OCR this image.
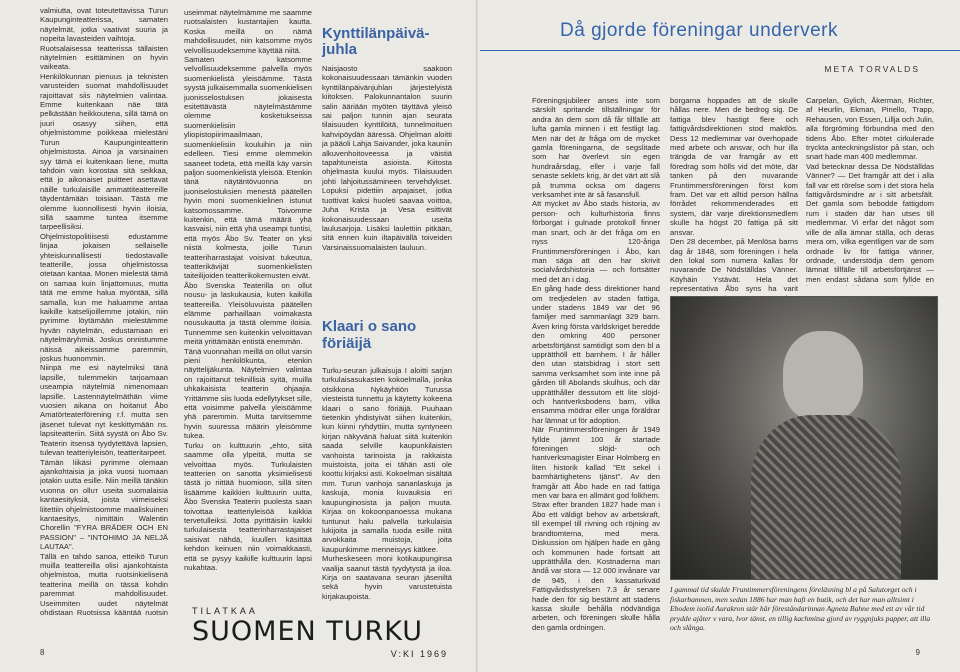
valmiutta, ovat toteutettavissa Turun Kaupunginteatterissa, samaten näytelmät, jotka vaativat suuria ja nopeita lavasteiden vaihtoja.
Ruotsalaisessa teatterissa tällaisten näytelmien esittäminen on hyvin vaikeata.
Henkilökunnan pienuus ja teknisten varusteiden suomat mahdollisuudet rajoittavat siis näytelmien valintaa. Emme kuitenkaan näe tätä pelkästään heikkoutena, sillä tämä on juuri osasyy siihen, että ohjelmistomme poikkeaa mielestäni Turun Kaupunginteatterin ohjelmistosta. Ainoa ja varsinainen syy tämä ei kuitenkaan liene, mutta tahdoin vain korostaa sitä seikkaa, että jo aikonaiset puitteet asettavat näille turkulaisille ammattiteattereille täydentämään toisiaan. Tästä me olemme luonnollisesti hyvin iloisia, sillä saamme tuntea itsemme tarpeellisiksi.
Ohjelmistopolitiisesti edustamme linjaa jokaisen sellaiselle yhteiskunnallisesti tiedostavalle teatterille, jossa ohjelmistossa otetaan kantaa. Monen mielestä tämä on samaa kuin linjattomuus, mutta tätä me emme halua myöntää, sillä samalla, kun me haluamme antaa kaikille katselijoillemme jotakin, niin pyrimme löytämään mielestämme hyvän näytelmän, edustamaan eri näytelmäryhmiä. Joskus onnistumme näissä aikeissamme paremmin, joskus huonommin.
Niinpä me esi näytelmiksi tänä lapsille, tulemmekin tarjoamaan useampia näytelmiä nimenomaan lapsille. Lastennäytelmäthän viime vuosien aikana on hoitanut Åbo Amatörteaterförening r.f. mutta sen jäsenet tulevat nyt keskittymään ns. lapsiteatteriin. Siitä syystä on Åbo Sv. Teaterin itsensä tyydytettävä lapsien, tulevan teatteriyleisön, teatteritarpeet.
Tämän liikäsi pyrimme olemaan ajankohtaisia ja joka vuosi tuomaan jotakin uutta esille. Niin meillä tänäkin vuonna on olluт useita suomalaisia kantaesityksiä, joista viimeiseksi liitettiin ohjelmistoomme maaliskuinen kantaesitys, nimittäin Walentin Chorellin "FYRA BRÄDER OCH EN PASSION" – "INTOHIMO JA NELJÄ LAUTAA".
Tällä en tahdo sanoa, etteikö Turun muilla teattereilla olisi ajankohtaista ohjelmistoa, mutta ruotsinkielisenä teatterina meillä on tässä kohdin paremmat mahdollisuudet. Useimmiten uudet näytelmät ohdistaan Ruotsissa kääntää ruotsin
useimmat näytelmämme me saamme ruotsalaisten kustantajien kautta. Koska meillä on nämä mahdollisuudet, niin katsomme myös velvollisuudeksemme käyttää niitä.
Samaten katsomme velvollisuudeksemme palvella myös suomenkielistä yleisöämme. Tästä syystä julkaisemmalla suomenkielisen juonisselostuksen jokaisesta esitettävästä näytelmästämme olemme kosketukseissa suomenkielisiin yliopistopiirimaailmaan, suomenkielisiin kouluihin ja niin edelleen. Tiesi emme olemmekin saaneet todeta, että meillä käy varsin paljon suomenkielistä yleisöä. Etenkin tänä näytäntövuonna on juoniselostuksien menestä päätellen hyvin moni suomenkielinen istunut katsomossamme. Toivomme kuitenkin, että tämä määrä yhä kasvaisi, niin että yhä useampi tuntisi, että myös Åbo Sv. Teater on yksi niistä kolmesta, joille Turun teatteriharrastajat voisivat tukeutua, teatterikävijät suomenkielisten taiteilijoiden teatterikokemusten eivät.
Åbo Svenska Teaterilla on ollut nousu- ja laskukausia, kuten kaikilla teattereilla. Yleisöluvuista päätellen elämme parhaillaan voimakasta nousukautta ja tästä olemme iloisia. Tunnemme sen kuitenkin velvoittavan meitä yrittämään entistä enemmän.
Tänä vuonnahan meillä on ollut varsin pieni henkilökunta, etenkin näyttelijäkunta. Näytelmien valintaa on rajoittanut teknillisiä syitä, muilla uhkakaisista teatterin ohjaajia. Yrittämme siis luoda edellytykset sille, että voisimme palvella yleisöämme yhä paremmin. Mutta tarvitsemme hyvin suuressa määrin yleisömme tukea.
Turku on kulttuurin „ehto, siitä saamme olla ylpeitä, mutta se velvoittaa myös. Turkulaisten teatterien on sanotta yksimielisesti tästä jo riittää huomioon, sillä siten lisäämme kaikkien kulttuurin uutta, Åbo Svenska Teaterin puolesta saan toivottaa teatteriyleisöä kaikkia tervetulleiksi. Jotta pyrittäisiin kaikki turkulaisesta teatterinharrastajaiset saisivat nähdä, kuullen käsittää kehdon keinuen niin voimakkaasti, että se pysyy kaikille kulttuurin lapsi nukahtaa.
Kynttilänpäivä-
juhla
Naisjaosto saakoon kokonaisuudessaan tämänkin vuoden kynttilänpäivänjuhlan järjestelyistä kiitoksen. Palokunnantalon suurin salin ääriään myöten täyttävä yleisö sai paljon tunnin ajan seurata tilaisuuden kynttilöitä, tunnelmoituen kahvipöydän ääressä. Ohjelman aloitti ja pääoli Lahja Saivander, joka kauniin alkuvenhoitoveessa ja väistiä tapahtuneista asioista. Kiitosta ohjelmasta kuului myös. Tilaisuuden johti lahjoitussämineen tervehdykset. Lopuksi pidettiin arpajaiset, jotka tuottivat kaksi huoleti saavaa voittoa, Juha Krista ja Vesa esittivät kokonaisuudessaan useita laulusarjoja. Lisäksi laulettiin pitkään, sitä ennen kuin iltapäivällä toiveiden Varsinaissuomalaisten lauluun.
Klaari o sano
föriäijä
Turku-seuran julkaisuja I aloitti sarjan turkulaisasukasten kokoelmalla, jonka otsikkona Nykäyhtiön Turussa viesteistä tunnettu ja käytetty kokeena klaari o sano föriäijä. Puuhaan tietenkin yhdistyivät siihen kuitenkin, kun kiinni ryhdyttiin, mutta syntyneen kirjan näkyvänä haluat siitä kuitenkin saada selville kaupunkilaisten vanhoista tarinoista ja rakkaista muistoista, joita ei tähän asti ole koottu kirjaksi asti. Kokoelman sisältää mm. Turun vanhoja sananlaskuja ja kaskuja, monia kuvauksia eri kaupunginosista ja paljon muuta. Kirjaa on kokoonpanoessa mukana tuntunut halu palvella turkulaisia lukijoita ja samalla tuoda esille niitä arvokkaita muistoja, joita kaupunkimme menneisyys kätkee.
Murheskeseen moni kotikaupunginsa vaalija saanut tästä tyydytystä ja iloa. Kirja on saatavana seuran jäseniltä sekä hyvin varustetuista kirjakaupoista.

TILATKAA
SUOMEN TURKU
V:KI 1969
8
Då gjorde föreningar underverk
META TORVALDS
Föreningsjubileer anses inte som särskilt spritande tillställningar för andra än dem som då får tillfälle att lufta gamla minnen i ett festligt lag. Men när det är fråga om de mycket gamla föreningarna, de segslitade som har överlevt sin egen hundraårsdag, eller i varje fall senaste seklets krig, är det värt att slå på trumma ocksa om dagens verksamhet inte är så fasansfull.
Att mycket av Åbo stads historia, av person- och kulturhistoria finns förborgat i gulnade protokoll finner man snart, och är det fråga om en nyss 120-åriga Fruntimmersföreningen i Åbo, kan man säga att den har skrivit socialvårdshistoria — och fortsätter med det än i dag.
En gång hade dess direktioner hand om tredjedelen av staden fattiga, under stadens 1849 var det 96 familjer med sammanlagt 329 barn. Även kring första världskriget beredde den omkring 400 personer arbetsförtjänst samtidigt som den bl a upprätthöll ett barnhem. I år håller den utan statsbidrag i stort sett samma verksamhet som inte inne på gården till Abolands skulhus, och där upprätthåller dessutom ett lite slöjd- och hantverksbodens barn, vilka ensamma mödrar eller unga föräldrar har lämnat ut för adoption.
När Fruntimmersföreningen år 1949 fyllde jämnt 100 år startade föreningen slöjd- och hantverksmagister Einar Holmberg en liten historik kallad "Ett sekel i barmhärtighetens tjänst". Av den framgår att Åbo hade en rad fattiga men var bara en allmänt god folkhem. Strax efter branden 1827 hade man i Åbo ett väldigt behov av arbetskraft, till exempel till rivning och röjning av brandtomterna, med mera. Diskussion om hjälpen hade en gång och kommunen hade fortsatt att upprätthålla den. Kostnaderna man ändå var stora — 12 000 invånare var de 945, i den kassaturkväd Fattigvårdsstyrelsen 7.3 år senare hade den för sig bestämt att stadens kassa skulle behålla nödvändiga arbeten, och föreningen skulle hålla den gamla ordningen.
borgarna hoppades att de skulle hållas nere. Men de bedrog sig. De fattiga blev hastigt flere och fattigvårdsdirektionen stod maktlös. Dess 12 medlemmar var överhopade med arbete och ansvar, och hur illa trängda de var framgår av ett föredrag som hölls vid det möte, där tanken på den nuvarande Fruntimmersföreningen först kom fram. Det var ett alltid person hällna förrådet rekommenderades ett system, där varje direktionsmedlem skulle ha högst 20 fattiga på sitt ansvar.
Den 28 december, på Menlösa barns dag år 1848, som föreningen i hela den lokal som numera kallas för nuvarande De Nödställdas Vänner. Köyhäin Ystävät. Hela det representativa Åbo syns ha varit
Carpelan, Gylich, Åkerman, Richter, af Heurlin, Ekman, Pinello, Trapp, Rehausen, von Essen, Lillja och Julin, alla förgröming förbundna med den tidens Åbo. Efter mötet cirkulerade tryckta anteckningslistor på stan, och snart hade man 400 medlemmar.
Vad betecknar dessa De Nödställdas Vänner? — Det framgår att det i alla fall var ett rörelse som i det stora hela fattigvårdsmindre ar i sitt arbetsfält. Det gamla som bebodde fattigdom rum i staden där han utses till medlemmar. Vi erfar det något som ville de alla ämnar ställa, och deras mera om, vilka egentligen var de som ordnade liv för fattiga vänner, ordnade, understödja dem genom lämnat tillfälle till arbetsförtjänst — men endast sådana som fyllde en
I gammal tid skulde Fruntimmersföreningens föreläsning bl a på Salutorget och i fiskarbamnen, men sedan 1886 har man haft en butik, och det har man alltsimt i Ebodem isolid Aurakron stär här föreståndarinnan Agneta Bahne med ett av vår tid prydde ajåter v vara, lvor tänst, en tillig kachmitsa gjord av ryggnjuks papper, att illa och slånga.
9
